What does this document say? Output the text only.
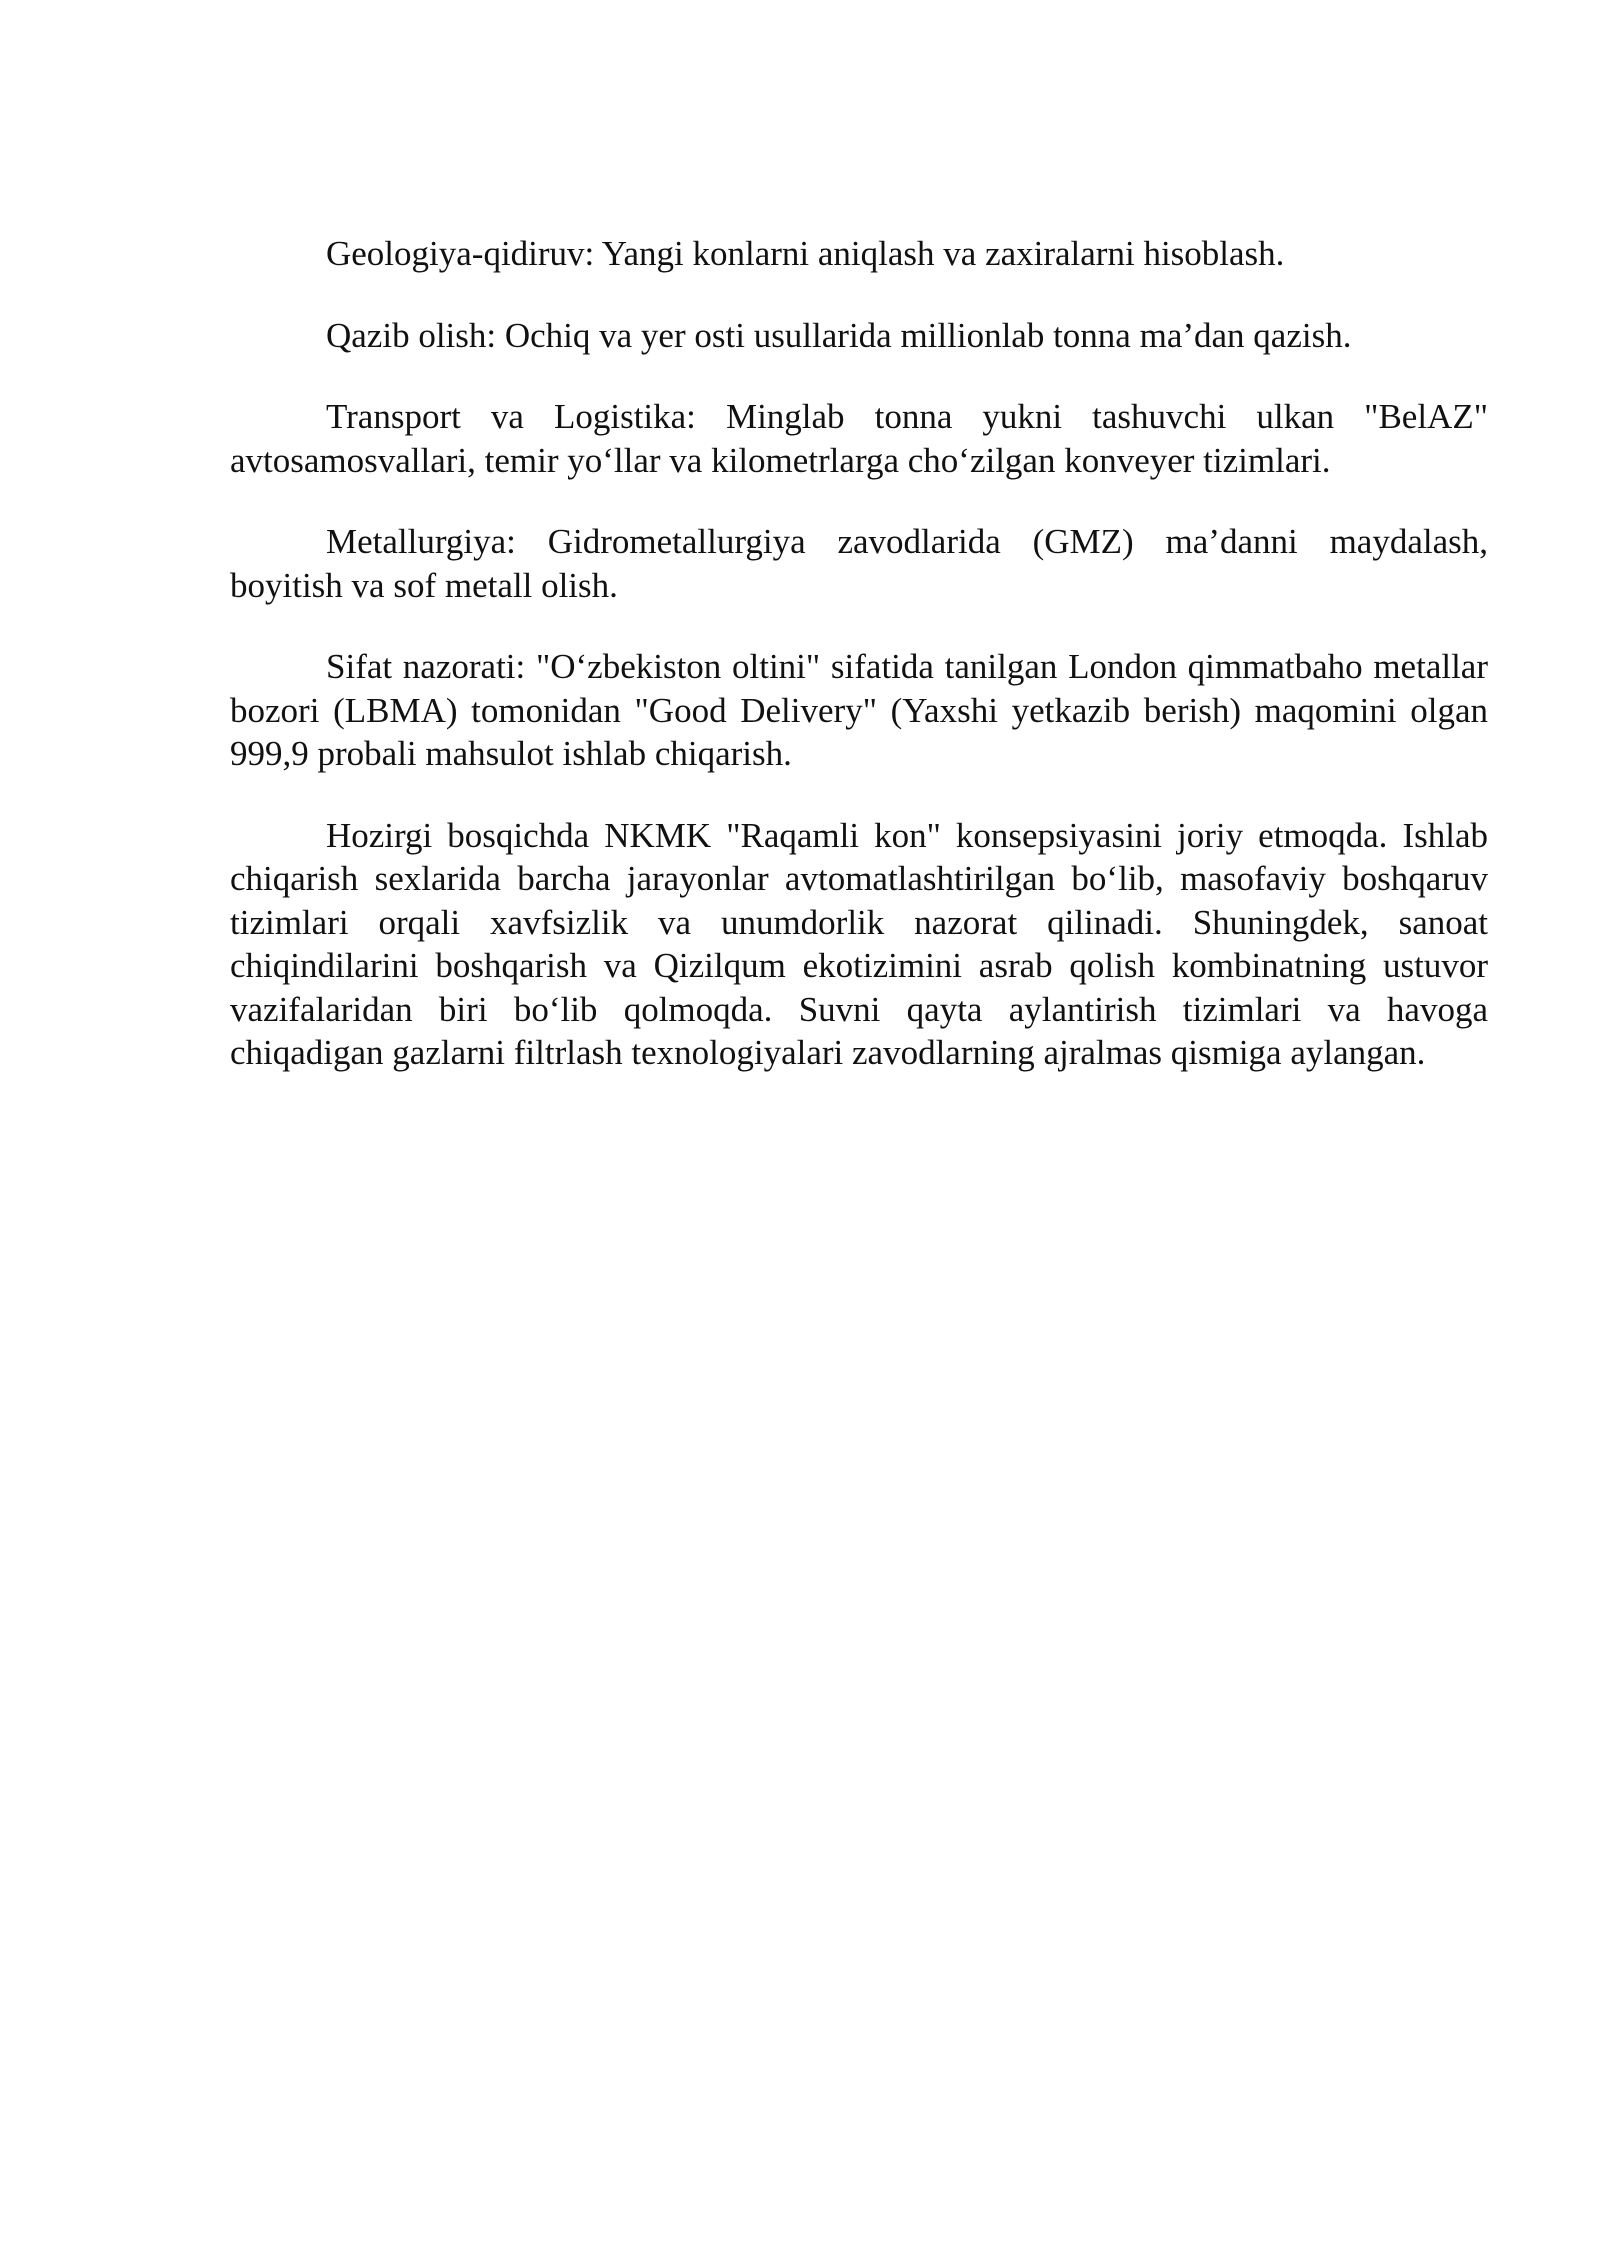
Geologiya-qidiruv: Yangi konlarni aniqlash va zaxiralarni hisoblash.

Qazib olish: Ochiq va yer osti usullarida millionlab tonna ma’dan qazish.

Transport va Logistika: Minglab tonna yukni tashuvchi ulkan "BelAZ" avtosamosvallari, temir yo‘llar va kilometrlarga cho‘zilgan konveyer tizimlari.

Metallurgiya: Gidrometallurgiya zavodlarida (GMZ) ma’danni maydalash, boyitish va sof metall olish.

Sifat nazorati: "O‘zbekiston oltini" sifatida tanilgan London qimmatbaho metallar bozori (LBMA) tomonidan "Good Delivery" (Yaxshi yetkazib berish) maqomini olgan 999,9 probali mahsulot ishlab chiqarish.

Hozirgi bosqichda NKMK "Raqamli kon" konsepsiyasini joriy etmoqda. Ishlab chiqarish sexlarida barcha jarayonlar avtomatlashtirilgan bo‘lib, masofaviy boshqaruv tizimlari orqali xavfsizlik va unumdorlik nazorat qilinadi. Shuningdek, sanoat chiqindilarini boshqarish va Qizilqum ekotizimini asrab qolish kombinatning ustuvor vazifalaridan biri bo‘lib qolmoqda. Suvni qayta aylantirish tizimlari va havoga chiqadigan gazlarni filtrlash texnologiyalari zavodlarning ajralmas qismiga aylangan.
